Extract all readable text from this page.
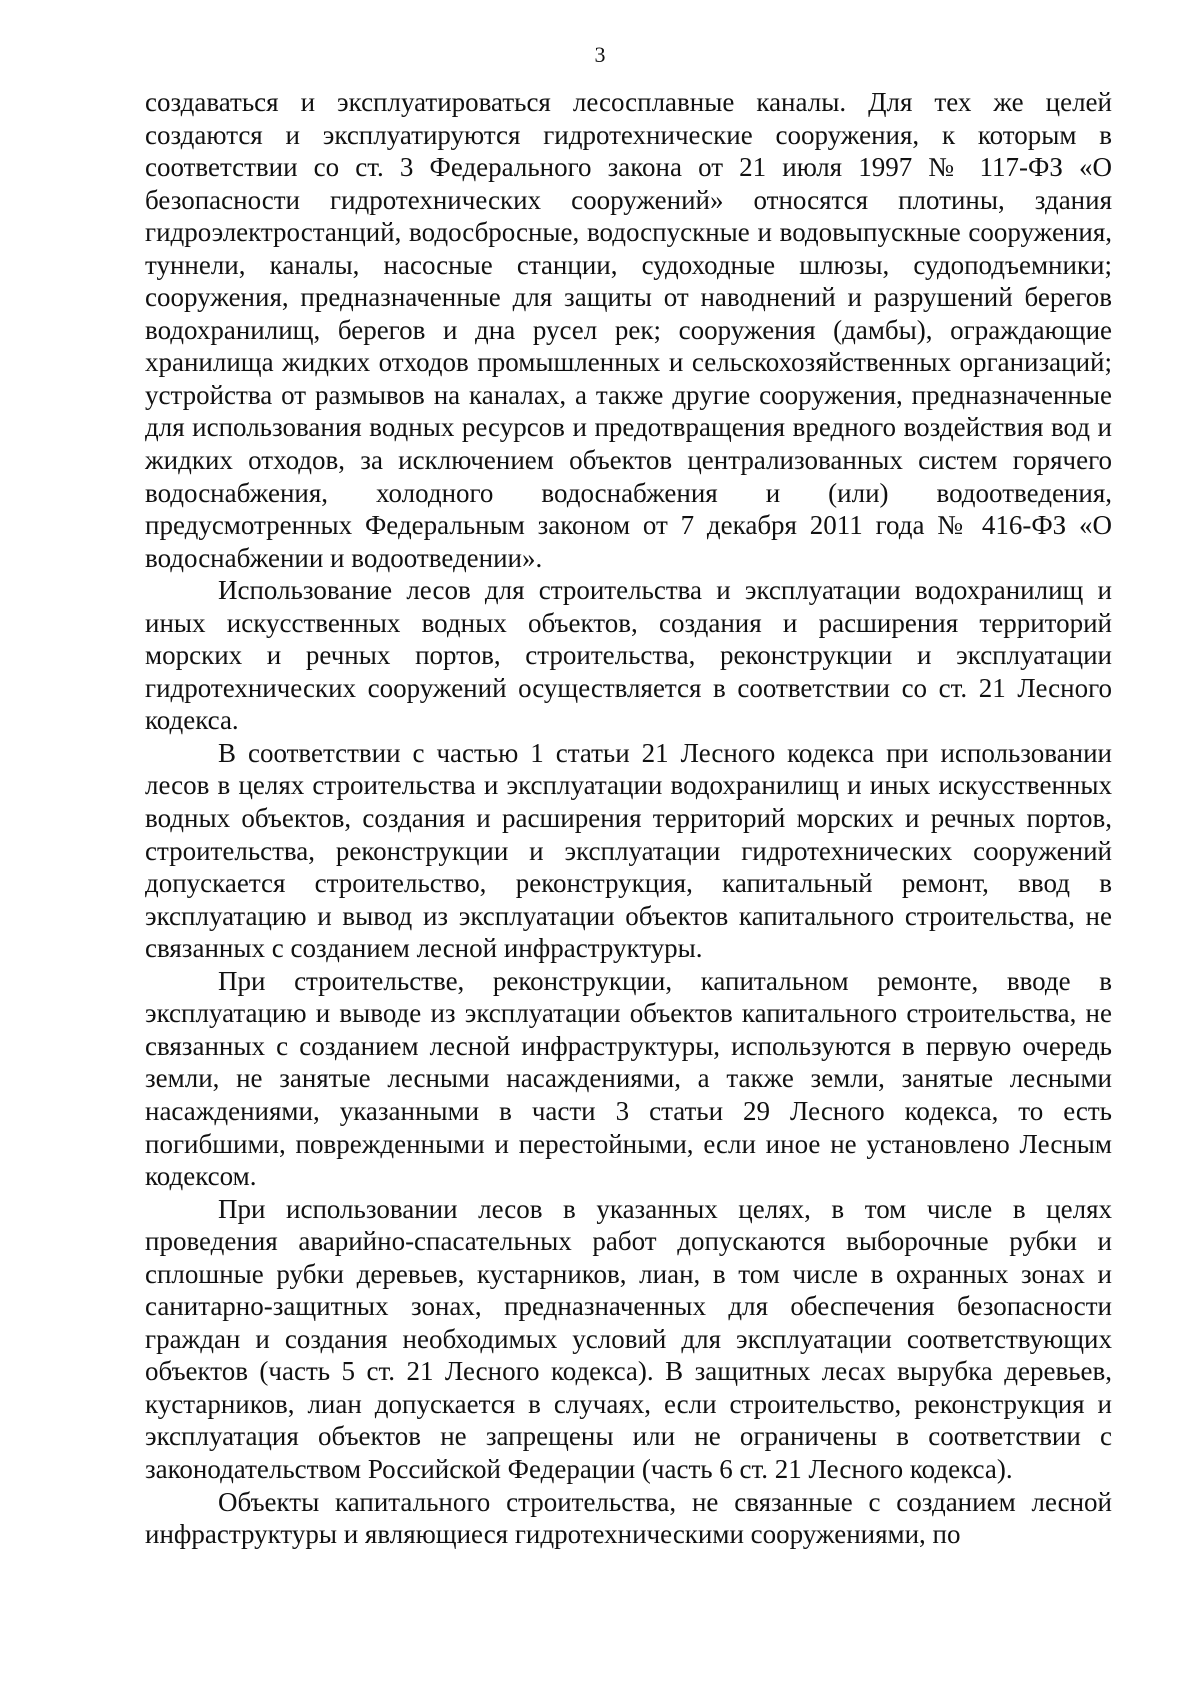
3

создаваться и эксплуатироваться лесосплавные каналы. Для тех же целей создаются и эксплуатируются гидротехнические сооружения, к которым в соответствии со ст. 3 Федерального закона от 21 июля 1997 № 117-ФЗ «О безопасности гидротехнических сооружений» относятся плотины, здания гидроэлектростанций, водосбросные, водоспускные и водовыпускные сооружения, туннели, каналы, насосные станции, судоходные шлюзы, судоподъемники; сооружения, предназначенные для защиты от наводнений и разрушений берегов водохранилищ, берегов и дна русел рек; сооружения (дамбы), ограждающие хранилища жидких отходов промышленных и сельскохозяйственных организаций; устройства от размывов на каналах, а также другие сооружения, предназначенные для использования водных ресурсов и предотвращения вредного воздействия вод и жидких отходов, за исключением объектов централизованных систем горячего водоснабжения, холодного водоснабжения и (или) водоотведения, предусмотренных Федеральным законом от 7 декабря 2011 года № 416-ФЗ «О водоснабжении и водоотведении».

Использование лесов для строительства и эксплуатации водохранилищ и иных искусственных водных объектов, создания и расширения территорий морских и речных портов, строительства, реконструкции и эксплуатации гидротехнических сооружений осуществляется в соответствии со ст. 21 Лесного кодекса.

В соответствии с частью 1 статьи 21 Лесного кодекса при использовании лесов в целях строительства и эксплуатации водохранилищ и иных искусственных водных объектов, создания и расширения территорий морских и речных портов, строительства, реконструкции и эксплуатации гидротехнических сооружений допускается строительство, реконструкция, капитальный ремонт, ввод в эксплуатацию и вывод из эксплуатации объектов капитального строительства, не связанных с созданием лесной инфраструктуры.

При строительстве, реконструкции, капитальном ремонте, вводе в эксплуатацию и выводе из эксплуатации объектов капитального строительства, не связанных с созданием лесной инфраструктуры, используются в первую очередь земли, не занятые лесными насаждениями, а также земли, занятые лесными насаждениями, указанными в части 3 статьи 29 Лесного кодекса, то есть погибшими, поврежденными и перестойными, если иное не установлено Лесным кодексом.

При использовании лесов в указанных целях, в том числе в целях проведения аварийно-спасательных работ допускаются выборочные рубки и сплошные рубки деревьев, кустарников, лиан, в том числе в охранных зонах и санитарно-защитных зонах, предназначенных для обеспечения безопасности граждан и создания необходимых условий для эксплуатации соответствующих объектов (часть 5 ст. 21 Лесного кодекса). В защитных лесах вырубка деревьев, кустарников, лиан допускается в случаях, если строительство, реконструкция и эксплуатация объектов не запрещены или не ограничены в соответствии с законодательством Российской Федерации (часть 6 ст. 21 Лесного кодекса).

Объекты капитального строительства, не связанные с созданием лесной инфраструктуры и являющиеся гидротехническими сооружениями, по
